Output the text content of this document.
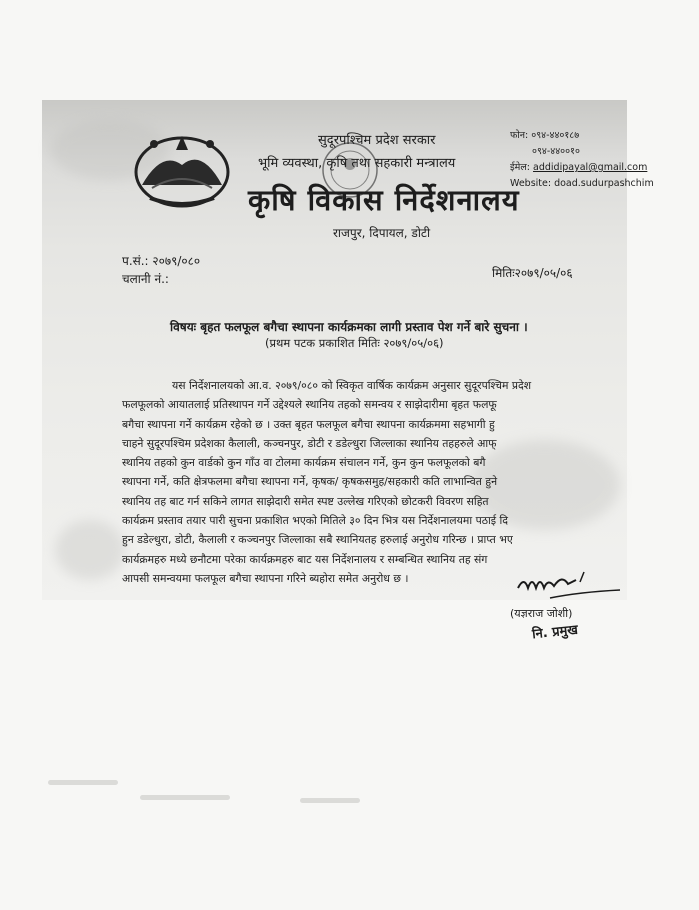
सुदूरपश्चिम प्रदेश सरकार
भूमि व्यवस्था, कृषि तथा सहकारी मन्त्रालय
कृषि विकास निर्देशनालय
राजपुर, दिपायल, डोटी
फोन: ०९४-४४०१८७
०९४-४४००१०
ईमेल: addidipayal@gmail.com
Website: doad.sudurpashchim
प.सं.: २०७९/०८०
चलानी नं.:	मितिः२०७९/०५/०६
विषयः बृहत फलफूल बगैचा स्थापना कार्यक्रमका लागी प्रस्ताव पेश गर्ने बारे सुचना ।
(प्रथम पटक प्रकाशित मितिः २०७९/०५/०६)
यस निर्देशनालयको आ.व. २०७९/०८० को स्विकृत वार्षिक कार्यक्रम अनुसार सुदूरपश्चिम प्रदेश
फलफूलको आयातलाई प्रतिस्थापन गर्ने उद्देश्यले स्थानिय तहको समन्वय र साझेदारीमा बृहत फलफू
बगैचा स्थापना गर्ने कार्यक्रम रहेको छ । उक्त बृहत फलफूल बगैचा स्थापना कार्यक्रममा सहभागी हु
चाहने सुदूरपश्चिम प्रदेशका कैलाली, कञ्चनपुर, डोटी र डडेल्धुरा जिल्लाका स्थानिय तहहरुले आफ्
स्थानिय तहको कुन वार्डको कुन गाँउ वा टोलमा कार्यक्रम संचालन गर्ने, कुन कुन फलफूलको बगै
स्थापना गर्ने, कति क्षेत्रफलमा बगैचा स्थापना गर्ने, कृषक/ कृषकसमुह/सहकारी कति लाभान्वित हुने
स्थानिय तह बाट गर्न सकिने लागत साझेदारी समेत स्पष्ट उल्लेख गरिएको छोटकरी विवरण सहित
कार्यक्रम प्रस्ताव तयार पारी सुचना प्रकाशित भएको मितिले ३० दिन भित्र यस निर्देशनालयमा पठाई दि
हुन डडेल्धुरा, डोटी, कैलाली र कञ्चनपुर जिल्लाका सबै स्थानियतह हरुलाई अनुरोध गरिन्छ । प्राप्त भए
कार्यक्रमहरु मध्ये छनौटमा परेका कार्यक्रमहरु बाट यस निर्देशनालय र सम्बन्धित स्थानिय तह संग
आपसी समन्वयमा फलफूल बगैचा स्थापना गरिने ब्यहोरा समेत अनुरोध छ ।
(यज्ञराज जोशी)
नि. प्रमुख
